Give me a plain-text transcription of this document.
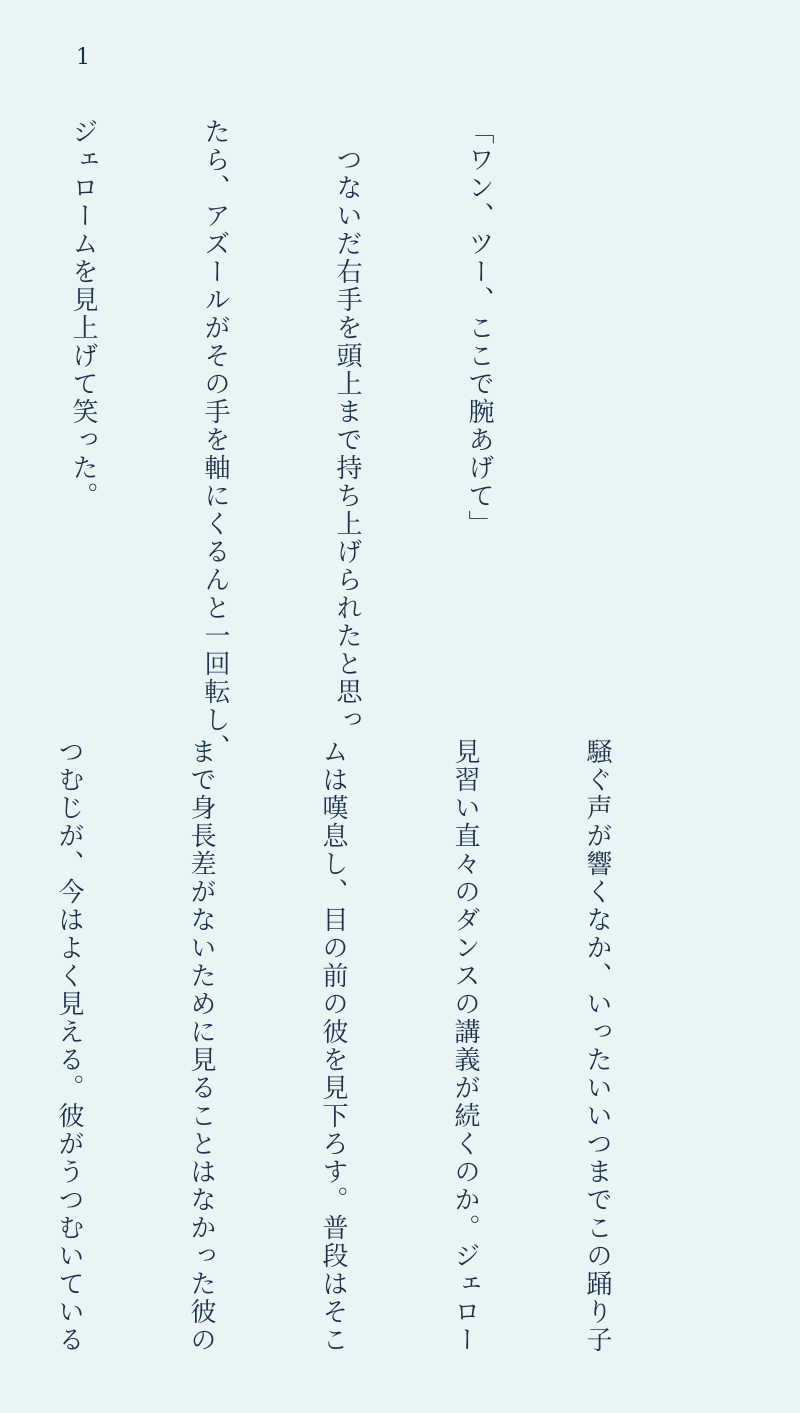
1

「ワン、ツー、ここで腕あげて」

　つないだ右手を頭上まで持ち上げられたと思っ

たら、アズールがその手を軸にくるんと一回転し、

ジェロームを見上げて笑った。

騒ぐ声が響くなか、いったいいつまでこの踊り子

見習い直々のダンスの講義が続くのか。ジェロー

ムは嘆息し、目の前の彼を見下ろす。普段はそこ

まで身長差がないために見ることはなかった彼の

つむじが、今はよく見える。彼がうつむいている
